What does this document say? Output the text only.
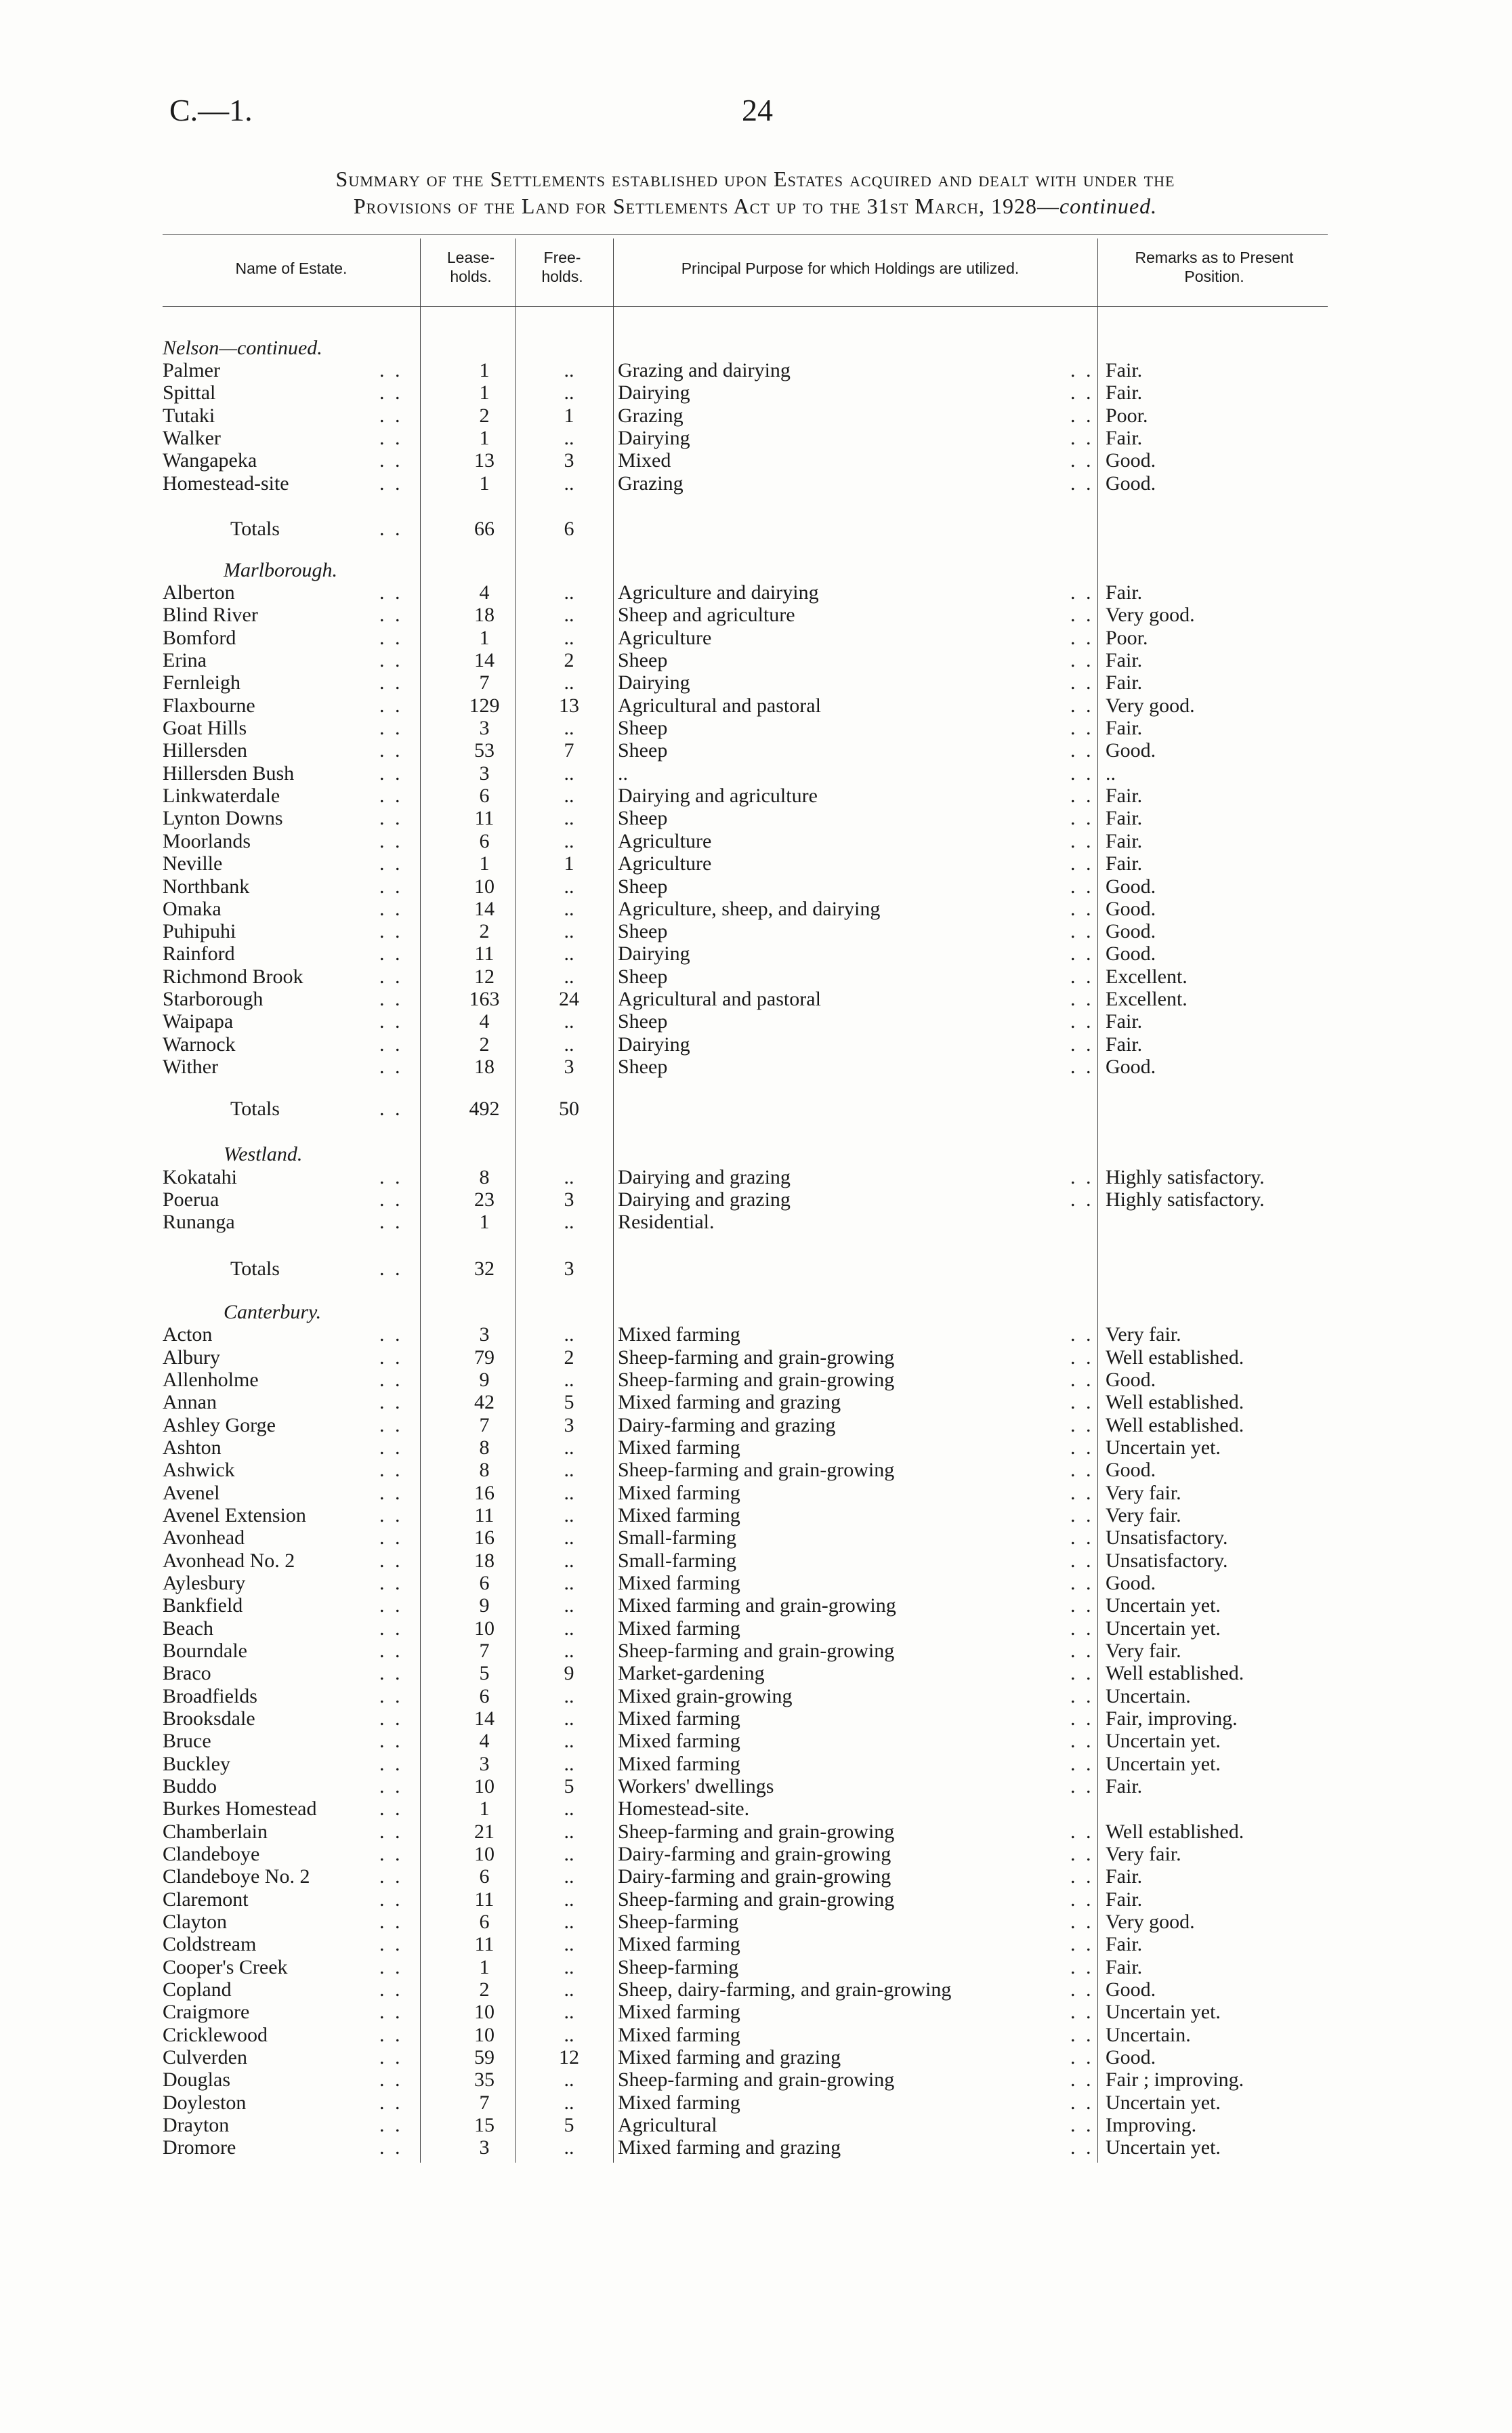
C.—1.	24
Summary of the Settlements established upon Estates acquired and dealt with under the
Provisions of the Land for Settlements Act up to the 31st March, 1928—continued.
Name of Estate.
Lease-
holds.
Free-
holds.	Principal Purpose for which Holdings are utilized.
Remarks as to Present
Position.
Nelson—continued.
Palmer	. .	1	..	Grazing and dairying	. . Fair.
Spittal	. .	1	..	Dairying	. . Fair.
Tutaki	. .	2	1	Grazing	. . Poor.
Walker	. .	1	..	Dairying	. . Fair.
Wangapeka	. .	13	3	Mixed	. . Good.
Homestead-site	. .	1	..	Grazing	. . Good.
Totals	. .	66	6
Marlborough.
Alberton	. .	4	..	Agriculture and dairying	. . Fair.
Blind River	. .	18	..	Sheep and agriculture	. . Very good.
Bomford	. .	1	..	Agriculture	. . Poor.
Erina	. .	14	2	Sheep	. . Fair.
Fernleigh	. .	7	..	Dairying	. . Fair.
Flaxbourne	. .	129	13	Agricultural and pastoral	. . Very good.
Goat Hills	. .	3	..	Sheep	. . Fair.
Hillersden	. .	53	7	Sheep	. . Good.
Hillersden Bush	. .	3	..	..	. . ..
Linkwaterdale	. .	6	..	Dairying and agriculture	. . Fair.
Lynton Downs	. .	11	..	Sheep	. . Fair.
Moorlands	. .	6	..	Agriculture	. . Fair.
Neville	. .	1	1	Agriculture	. . Fair.
Northbank	. .	10	..	Sheep	. . Good.
Omaka	. .	14	..	Agriculture, sheep, and dairying	. . Good.
Puhipuhi	. .	2	..	Sheep	. . Good.
Rainford	. .	11	..	Dairying	. . Good.
Richmond Brook	. .	12	..	Sheep	. . Excellent.
Starborough	. .	163	24	Agricultural and pastoral	. . Excellent.
Waipapa	. .	4	..	Sheep	. . Fair.
Warnock	. .	2	..	Dairying	. . Fair.
Wither	. .	18	3	Sheep	. . Good.
Totals	. .	492	50
Westland.
Kokatahi	. .	8	..	Dairying and grazing	. . Highly satisfactory.
Poerua	. .	23	3	Dairying and grazing	. . Highly satisfactory.
Runanga	. .	1	..	Residential.
Totals	. .	32	3
Canterbury.
Acton	. .	3	..	Mixed farming	. . Very fair.
Albury	. .	79	2	Sheep-farming and grain-growing	. . Well established.
Allenholme	. .	9	..	Sheep-farming and grain-growing	. . Good.
Annan	. .	42	5	Mixed farming and grazing	. . Well established.
Ashley Gorge	. .	7	3	Dairy-farming and grazing	. . Well established.
Ashton	. .	8	..	Mixed farming	. . Uncertain yet.
Ashwick	. .	8	..	Sheep-farming and grain-growing	. . Good.
Avenel	. .	16	..	Mixed farming	. . Very fair.
Avenel Extension	. .	11	..	Mixed farming	. . Very fair.
Avonhead	. .	16	..	Small-farming	. . Unsatisfactory.
Avonhead No. 2	. .	18	..	Small-farming	. . Unsatisfactory.
Aylesbury	. .	6	..	Mixed farming	. . Good.
Bankfield	. .	9	..	Mixed farming and grain-growing	. . Uncertain yet.
Beach	. .	10	..	Mixed farming	. . Uncertain yet.
Bourndale	. .	7	..	Sheep-farming and grain-growing	. . Very fair.
Braco	. .	5	9	Market-gardening	. . Well established.
Broadfields	. .	6	..	Mixed grain-growing	. . Uncertain.
Brooksdale	. .	14	..	Mixed farming	. . Fair, improving.
Bruce	. .	4	..	Mixed farming	. . Uncertain yet.
Buckley	. .	3	..	Mixed farming	. . Uncertain yet.
Buddo	. .	10	5	Workers' dwellings	. . Fair.
Burkes Homestead	. .	1	..	Homestead-site.
Chamberlain	. .	21	..	Sheep-farming and grain-growing	. . Well established.
Clandeboye	. .	10	..	Dairy-farming and grain-growing	. . Very fair.
Clandeboye No. 2	. .	6	..	Dairy-farming and grain-growing	. . Fair.
Claremont	. .	11	..	Sheep-farming and grain-growing	. . Fair.
Clayton	. .	6	..	Sheep-farming	. . Very good.
Coldstream	. .	11	..	Mixed farming	. . Fair.
Cooper's Creek	. .	1	..	Sheep-farming	. . Fair.
Copland	. .	2	..	Sheep, dairy-farming, and grain-growing	. . Good.
Craigmore	. .	10	..	Mixed farming	. . Uncertain yet.
Cricklewood	. .	10	..	Mixed farming	. . Uncertain.
Culverden	. .	59	12	Mixed farming and grazing	. . Good.
Douglas	. .	35	..	Sheep-farming and grain-growing	. . Fair ; improving.
Doyleston	. .	7	..	Mixed farming	. . Uncertain yet.
Drayton	. .	15	5	Agricultural	. . Improving.
Dromore	. .	3	..	Mixed farming and grazing	. . Uncertain yet.
